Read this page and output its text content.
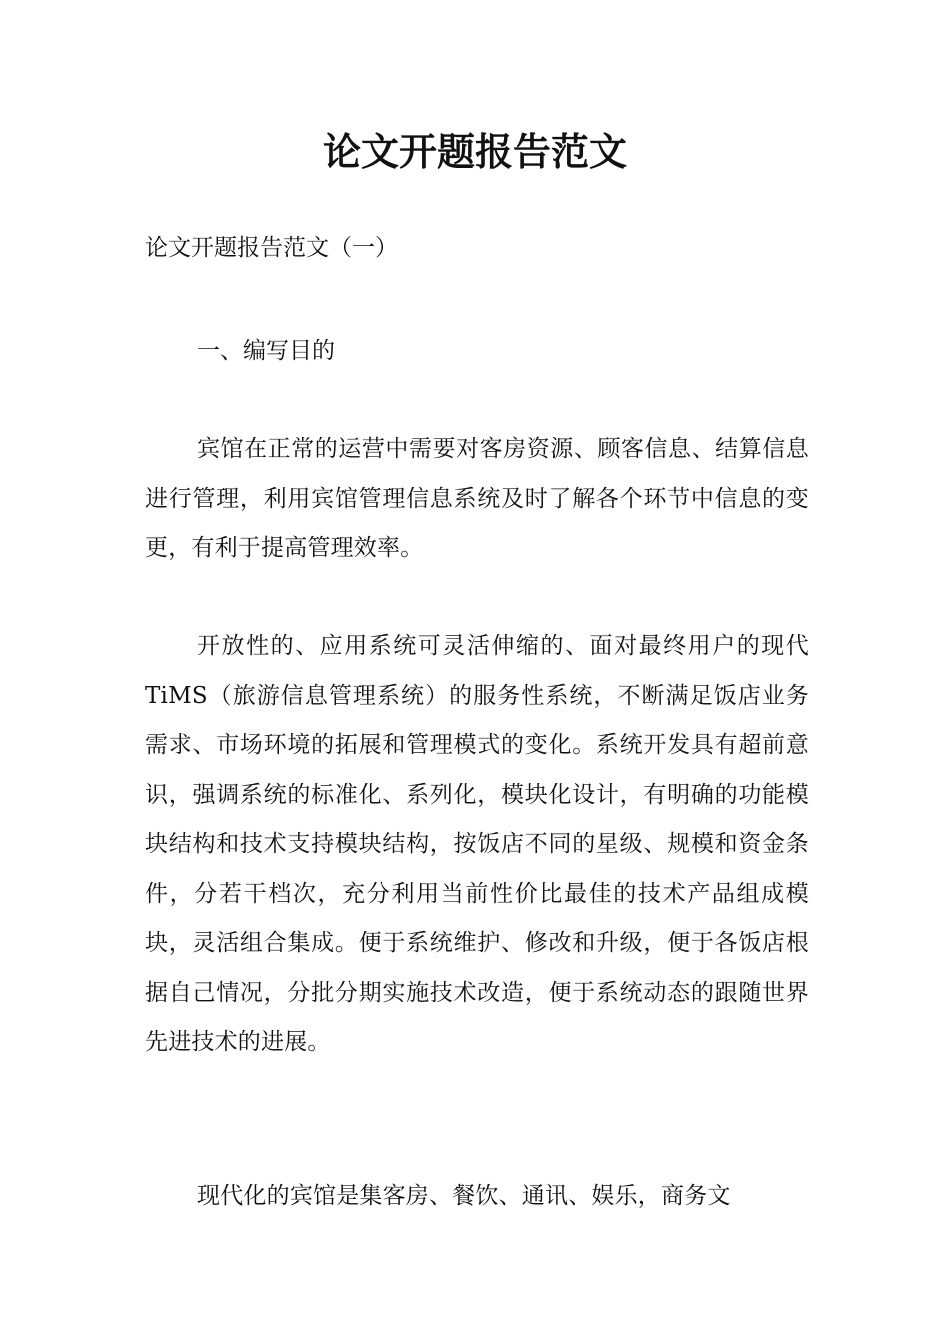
论文开题报告范文

论文开题报告范文（一）

一、编写目的

宾馆在正常的运营中需要对客房资源、顾客信息、结算信息进行管理，利用宾馆管理信息系统及时了解各个环节中信息的变更，有利于提高管理效率。

开放性的、应用系统可灵活伸缩的、面对最终用户的现代TiMS（旅游信息管理系统）的服务性系统，不断满足饭店业务需求、市场环境的拓展和管理模式的变化。系统开发具有超前意识，强调系统的标准化、系列化，模块化设计，有明确的功能模块结构和技术支持模块结构，按饭店不同的星级、规模和资金条件，分若干档次，充分利用当前性价比最佳的技术产品组成模块，灵活组合集成。便于系统维护、修改和升级，便于各饭店根据自己情况，分批分期实施技术改造，便于系统动态的跟随世界先进技术的进展。

现代化的宾馆是集客房、餐饮、通讯、娱乐，商务文
